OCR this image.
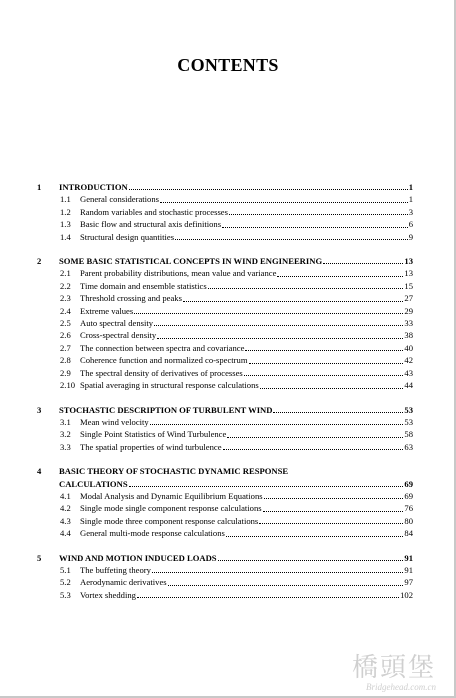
CONTENTS
1	INTRODUCTION	1
1.1	General considerations	1
1.2	Random variables and stochastic processes	3
1.3	Basic flow and structural axis definitions	6
1.4	Structural design quantities	9
2	SOME BASIC STATISTICAL CONCEPTS IN WIND ENGINEERING	13
2.1	Parent probability distributions, mean value and variance	13
2.2	Time domain and ensemble statistics	15
2.3	Threshold crossing and peaks	27
2.4	Extreme values	29
2.5	Auto spectral density	33
2.6	Cross-spectral density	38
2.7	The connection between spectra and covariance	40
2.8	Coherence function and normalized co-spectrum	42
2.9	The spectral density of derivatives of processes	43
2.10 Spatial averaging in structural response calculations	44
3	STOCHASTIC DESCRIPTION OF TURBULENT WIND	53
3.1	Mean wind velocity	53
3.2	Single Point Statistics of Wind Turbulence	58
3.3	The spatial properties of wind turbulence	63
4	BASIC THEORY OF STOCHASTIC DYNAMIC RESPONSE
CALCULATIONS	69
4.1	Modal Analysis and Dynamic Equilibrium Equations	69
4.2	Single mode single component response calculations	76
4.3	Single mode three component response calculations	80
4.4	General multi-mode response calculations	84
5	WIND AND MOTION INDUCED LOADS	91
5.1	The buffeting theory	91
5.2	Aerodynamic derivatives	97
5.3	Vortex shedding	102
橋頭堡
Bridgehead.com.cn
